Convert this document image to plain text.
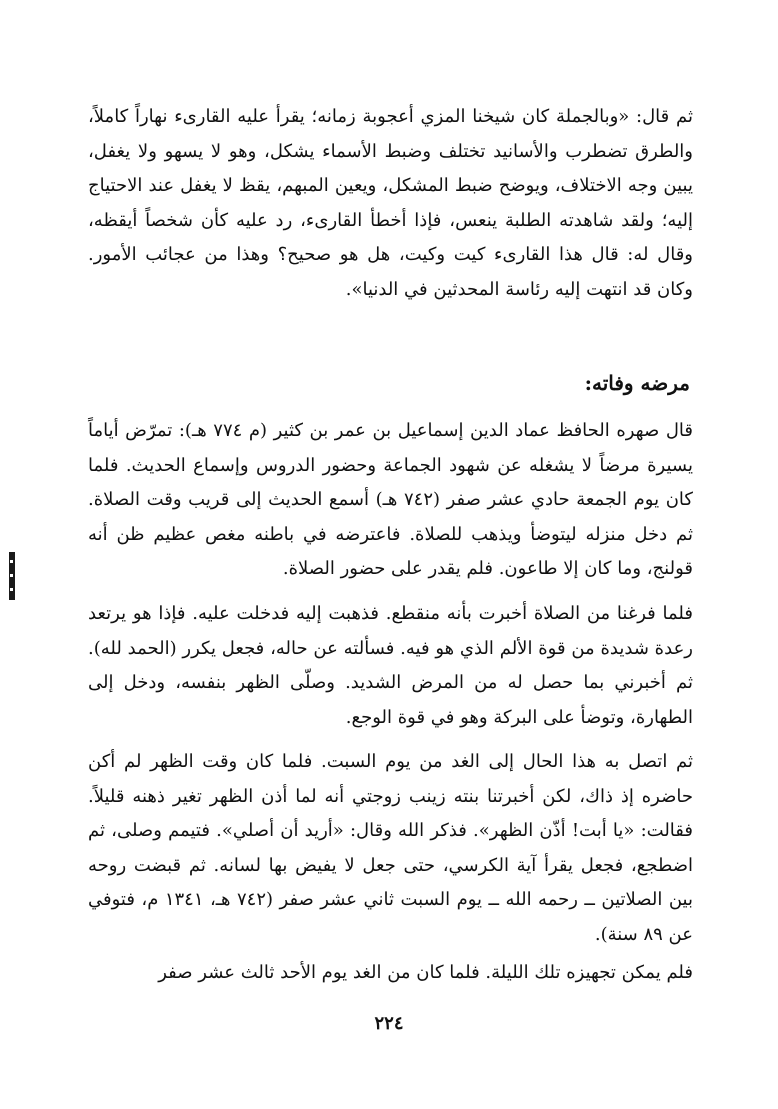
ثم قال: «وبالجملة كان شيخنا المزي أعجوبة زمانه؛ يقرأ عليه القارىء نهاراً كاملاً، والطرق تضطرب والأسانيد تختلف وضبط الأسماء يشكل، وهو لا يسهو ولا يغفل، يبين وجه الاختلاف، ويوضح ضبط المشكل، ويعين المبهم، يقظ لا يغفل عند الاحتياج إليه؛ ولقد شاهدته الطلبة ينعس، فإذا أخطأ القارىء، رد عليه كأن شخصاً أيقظه، وقال له: قال هذا القارىء كيت وكيت، هل هو صحيح؟ وهذا من عجائب الأمور. وكان قد انتهت إليه رئاسة المحدثين في الدنيا».

مرضه وفاته:

قال صهره الحافظ عماد الدين إسماعيل بن عمر بن كثير (م ٧٧٤ هـ): تمرّض أياماً يسيرة مرضاً لا يشغله عن شهود الجماعة وحضور الدروس وإسماع الحديث. فلما كان يوم الجمعة حادي عشر صفر (٧٤٢ هـ) أسمع الحديث إلى قريب وقت الصلاة. ثم دخل منزله ليتوضأ ويذهب للصلاة. فاعترضه في باطنه مغص عظيم ظن أنه قولنج، وما كان إلا طاعون. فلم يقدر على حضور الصلاة.

فلما فرغنا من الصلاة أخبرت بأنه منقطع. فذهبت إليه فدخلت عليه. فإذا هو يرتعد رعدة شديدة من قوة الألم الذي هو فيه. فسألته عن حاله، فجعل يكرر (الحمد لله). ثم أخبرني بما حصل له من المرض الشديد. وصلّى الظهر بنفسه، ودخل إلى الطهارة، وتوضأ على البركة وهو في قوة الوجع.

ثم اتصل به هذا الحال إلى الغد من يوم السبت. فلما كان وقت الظهر لم أكن حاضره إذ ذاك، لكن أخبرتنا بنته زينب زوجتي أنه لما أذن الظهر تغير ذهنه قليلاً. فقالت: «يا أبت! أذّن الظهر». فذكر الله وقال: «أريد أن أصلي». فتيمم وصلى، ثم اضطجع، فجعل يقرأ آية الكرسي، حتى جعل لا يفيض بها لسانه. ثم قبضت روحه بين الصلاتين ــ رحمه الله ــ يوم السبت ثاني عشر صفر (٧٤٢ هـ، ١٣٤١ م، فتوفي عن ٨٩ سنة).

فلم يمكن تجهيزه تلك الليلة. فلما كان من الغد يوم الأحد ثالث عشر صفر

٢٢٤
